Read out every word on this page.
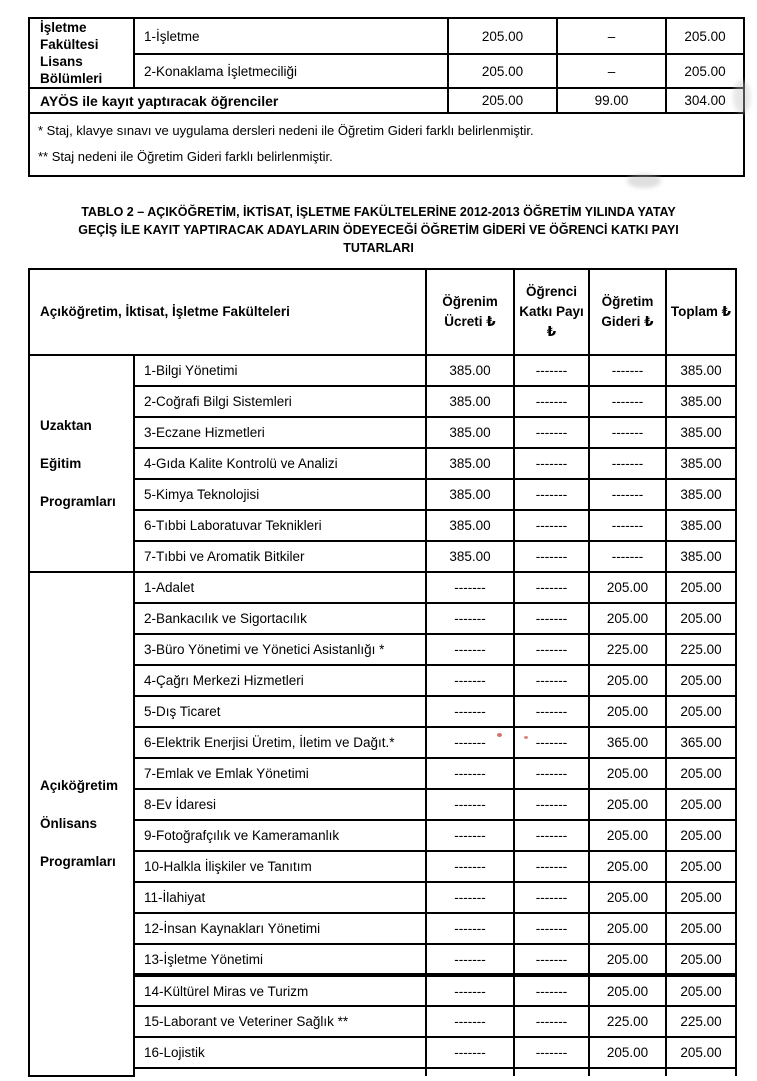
İşletme Fakültesi Lisans Bölümleri	1-İşletme	205.00	–	205.00
	2-Konaklama İşletmeciliği	205.00	–	205.00
AYÖS ile kayıt yaptıracak öğrenciler		205.00	99.00	304.00

* Staj, klavye sınavı ve uygulama dersleri nedeni ile Öğretim Gideri farklı belirlenmiştir.
** Staj nedeni ile Öğretim Gideri farklı belirlenmiştir.				
TABLO 2 – AÇIKÖĞRETİM, İKTİSAT, İŞLETME FAKÜLTELERİNE 2012-2013 ÖĞRETİM YILINDA YATAY
GEÇİŞ İLE KAYIT YAPTIRACAK ADAYLARIN ÖDEYECEĞİ ÖĞRETİM GİDERİ VE ÖĞRENCİ KATKI PAYI
TUTARLARI
Açıköğretim, İktisat, İşletme Fakülteleri		Öğrenim Ücreti ₺	Öğrenci Katkı Payı ₺	Öğretim Gideri ₺	Toplam ₺
Uzaktan Eğitim Programları	1-Bilgi Yönetimi	385.00	-------	-------	385.00
	2-Coğrafi Bilgi Sistemleri	385.00	-------	-------	385.00
	3-Eczane Hizmetleri	385.00	-------	-------	385.00
	4-Gıda Kalite Kontrolü ve Analizi	385.00	-------	-------	385.00
	5-Kimya Teknolojisi	385.00	-------	-------	385.00
	6-Tıbbi Laboratuvar Teknikleri	385.00	-------	-------	385.00
	7-Tıbbi ve Aromatik Bitkiler	385.00	-------	-------	385.00
Açıköğretim Önlisans Programları	1-Adalet	-------	-------	205.00	205.00
	2-Bankacılık ve Sigortacılık	-------	-------	205.00	205.00
	3-Büro Yönetimi ve Yönetici Asistanlığı *	-------	-------	225.00	225.00
	4-Çağrı Merkezi Hizmetleri	-------	-------	205.00	205.00
	5-Dış Ticaret	-------	-------	205.00	205.00
	6-Elektrik Enerjisi Üretim, İletim ve Dağıt.*	-------	-------	365.00	365.00
	7-Emlak ve Emlak Yönetimi	-------	-------	205.00	205.00
	8-Ev İdaresi	-------	-------	205.00	205.00
	9-Fotoğrafçılık ve Kameramanlık	-------	-------	205.00	205.00
	10-Halkla İlişkiler ve Tanıtım	-------	-------	205.00	205.00
	11-İlahiyat	-------	-------	205.00	205.00
	12-İnsan Kaynakları Yönetimi	-------	-------	205.00	205.00
	13-İşletme Yönetimi	-------	-------	205.00	205.00
	14-Kültürel Miras ve Turizm	-------	-------	205.00	205.00
	15-Laborant ve Veteriner Sağlık **	-------	-------	225.00	225.00
	16-Lojistik	-------	-------	205.00	205.00
